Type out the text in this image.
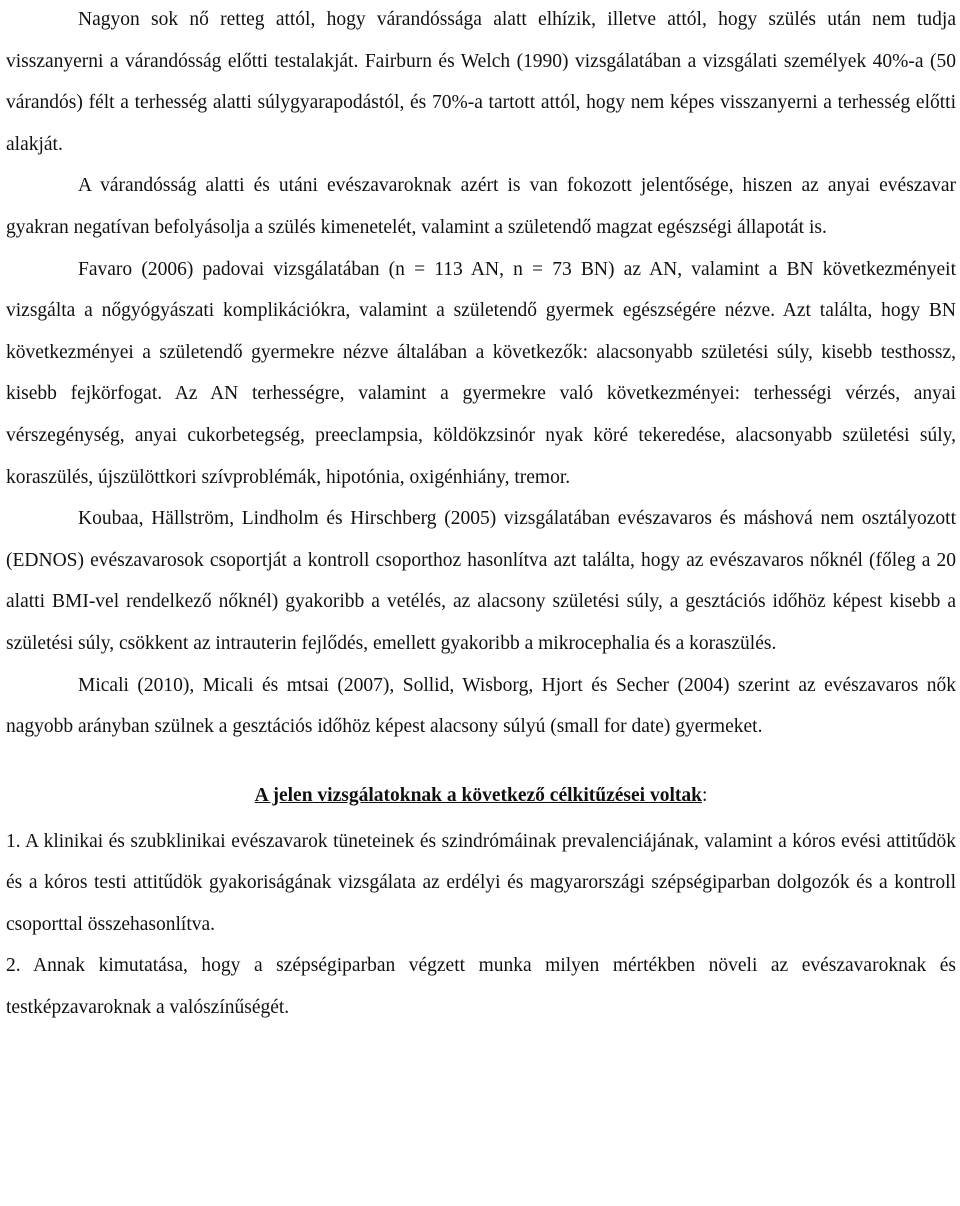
Nagyon sok nő retteg attól, hogy várandóssága alatt elhízik, illetve attól, hogy szülés után nem tudja visszanyerni a várandósság előtti testalakját. Fairburn és Welch (1990) vizsgálatában a vizsgálati személyek 40%-a (50 várandós) félt a terhesség alatti súlygyarapodástól, és 70%-a tartott attól, hogy nem képes visszanyerni a terhesség előtti alakját.

A várandósság alatti és utáni evészavaroknak azért is van fokozott jelentősége, hiszen az anyai evészavar gyakran negatívan befolyásolja a szülés kimenetelét, valamint a születendő magzat egészségi állapotát is.

Favaro (2006) padovai vizsgálatában (n = 113 AN, n = 73 BN) az AN, valamint a BN következményeit vizsgálta a nőgyógyászati komplikációkra, valamint a születendő gyermek egészségére nézve. Azt találta, hogy BN következményei a születendő gyermekre nézve általában a következők: alacsonyabb születési súly, kisebb testhossz, kisebb fejkörfogat. Az AN terhességre, valamint a gyermekre való következményei: terhességi vérzés, anyai vérszegénység, anyai cukorbetegség, preeclampsia, köldökzsinór nyak köré tekeredése, alacsonyabb születési súly, koraszülés, újszülöttkori szívproblémák, hipotónia, oxigénhiány, tremor.

Koubaa, Hällström, Lindholm és Hirschberg (2005) vizsgálatában evészavaros és máshová nem osztályozott (EDNOS) evészavarosok csoportját a kontroll csoporthoz hasonlítva azt találta, hogy az evészavaros nőknél (főleg a 20 alatti BMI-vel rendelkező nőknél) gyakoribb a vetélés, az alacsony születési súly, a gesztációs időhöz képest kisebb a születési súly, csökkent az intrauterin fejlődés, emellett gyakoribb a mikrocephalia és a koraszülés.

Micali (2010), Micali és mtsai (2007), Sollid, Wisborg, Hjort és Secher (2004) szerint az evészavaros nők nagyobb arányban szülnek a gesztációs időhöz képest alacsony súlyú (small for date) gyermeket.

A jelen vizsgálatoknak a következő célkitűzései voltak:

1. A klinikai és szubklinikai evészavarok tüneteinek és szindrómáinak prevalenciájának, valamint a kóros evési attitűdök és a kóros testi attitűdök gyakoriságának vizsgálata az erdélyi és magyarországi szépségiparban dolgozók és a kontroll csoporttal összehasonlítva.

2. Annak kimutatása, hogy a szépségiparban végzett munka milyen mértékben növeli az evészavaroknak és testképzavaroknak a valószínűségét.
